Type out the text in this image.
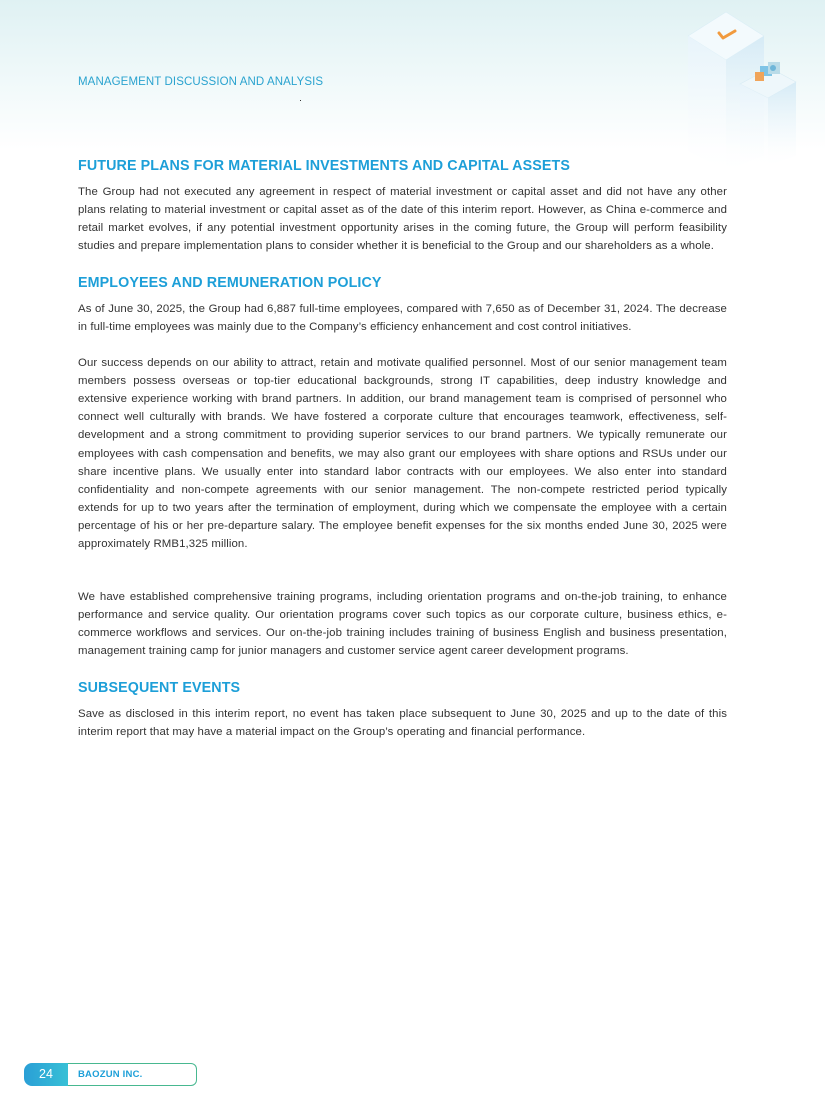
MANAGEMENT DISCUSSION AND ANALYSIS
FUTURE PLANS FOR MATERIAL INVESTMENTS AND CAPITAL ASSETS

The Group had not executed any agreement in respect of material investment or capital asset and did not have any other plans relating to material investment or capital asset as of the date of this interim report. However, as China e-commerce and retail market evolves, if any potential investment opportunity arises in the coming future, the Group will perform feasibility studies and prepare implementation plans to consider whether it is beneficial to the Group and our shareholders as a whole.

EMPLOYEES AND REMUNERATION POLICY

As of June 30, 2025, the Group had 6,887 full-time employees, compared with 7,650 as of December 31, 2024. The decrease in full-time employees was mainly due to the Company’s efficiency enhancement and cost control initiatives.

Our success depends on our ability to attract, retain and motivate qualified personnel. Most of our senior management team members possess overseas or top-tier educational backgrounds, strong IT capabilities, deep industry knowledge and extensive experience working with brand partners. In addition, our brand management team is comprised of personnel who connect well culturally with brands. We have fostered a corporate culture that encourages teamwork, effectiveness, self-development and a strong commitment to providing superior services to our brand partners. We typically remunerate our employees with cash compensation and benefits, we may also grant our employees with share options and RSUs under our share incentive plans. We usually enter into standard labor contracts with our employees. We also enter into standard confidentiality and non-compete agreements with our senior management. The non-compete restricted period typically extends for up to two years after the termination of employment, during which we compensate the employee with a certain percentage of his or her pre-departure salary. The employee benefit expenses for the six months ended June 30, 2025 were approximately RMB1,325 million.

We have established comprehensive training programs, including orientation programs and on-the-job training, to enhance performance and service quality. Our orientation programs cover such topics as our corporate culture, business ethics, e-commerce workflows and services. Our on-the-job training includes training of business English and business presentation, management training camp for junior managers and customer service agent career development programs.

SUBSEQUENT EVENTS

Save as disclosed in this interim report, no event has taken place subsequent to June 30, 2025 and up to the date of this interim report that may have a material impact on the Group’s operating and financial performance.

24	BAOZUN INC.
